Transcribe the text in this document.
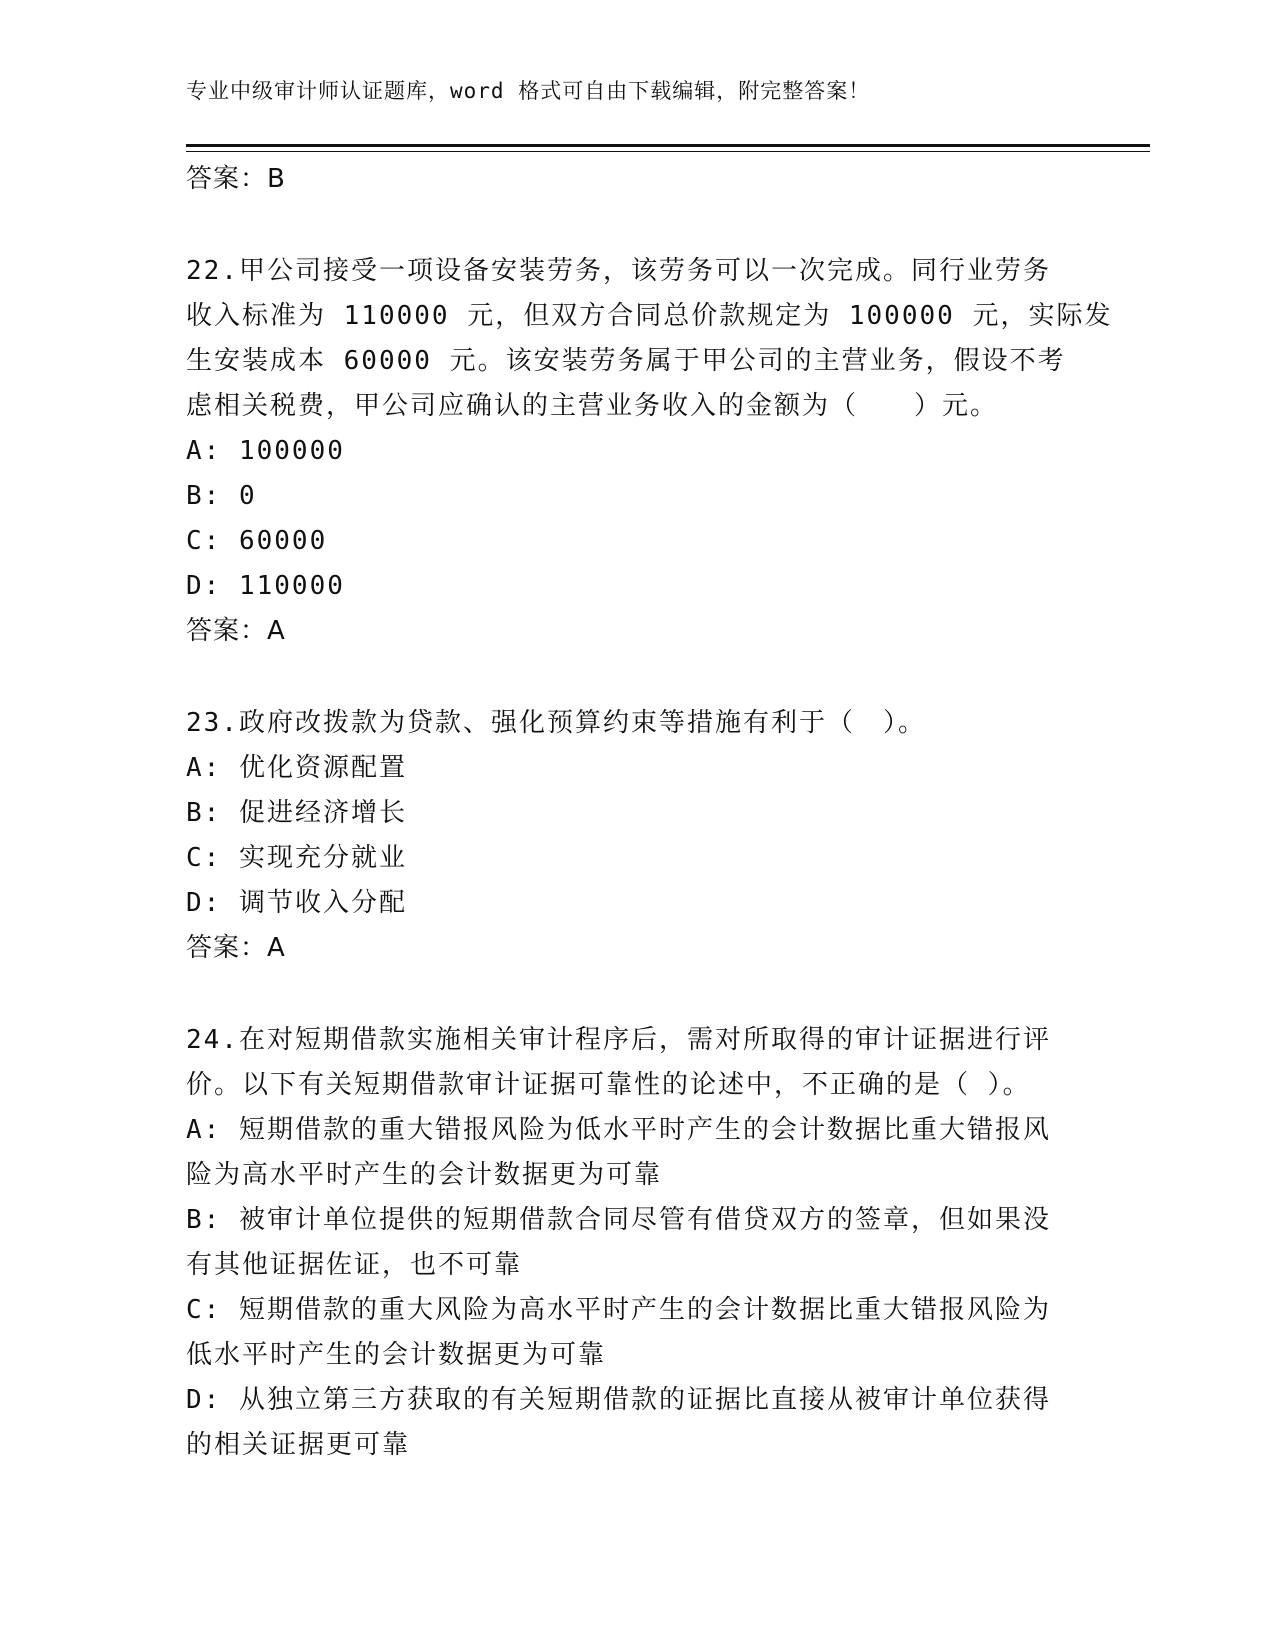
专业中级审计师认证题库，word 格式可自由下载编辑，附完整答案！
答案：B
22.甲公司接受一项设备安装劳务，该劳务可以一次完成。同行业劳务
收入标准为 110000 元，但双方合同总价款规定为 100000 元，实际发
生安装成本 60000 元。该安装劳务属于甲公司的主营业务，假设不考
虑相关税费，甲公司应确认的主营业务收入的金额为（　　）元。
A: 100000
B: 0
C: 60000
D: 110000
答案：A
23.政府改拨款为贷款、强化预算约束等措施有利于（　）。
A: 优化资源配置
B: 促进经济增长
C: 实现充分就业
D: 调节收入分配
答案：A
24.在对短期借款实施相关审计程序后，需对所取得的审计证据进行评
价。以下有关短期借款审计证据可靠性的论述中，不正确的是（ ）。
A: 短期借款的重大错报风险为低水平时产生的会计数据比重大错报风
险为高水平时产生的会计数据更为可靠
B: 被审计单位提供的短期借款合同尽管有借贷双方的签章，但如果没
有其他证据佐证，也不可靠
C: 短期借款的重大风险为高水平时产生的会计数据比重大错报风险为
低水平时产生的会计数据更为可靠
D: 从独立第三方获取的有关短期借款的证据比直接从被审计单位获得
的相关证据更可靠
